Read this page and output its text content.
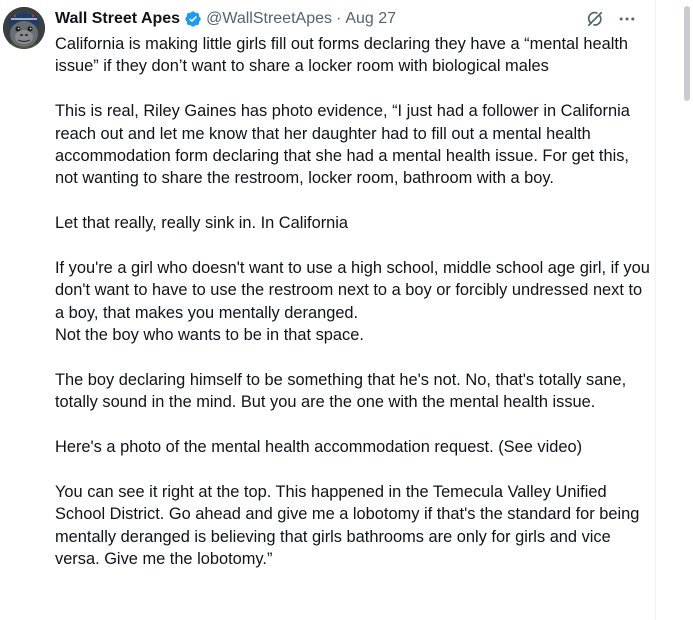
Wall Street Apes @WallStreetApes · Aug 27

California is making little girls fill out forms declaring they have a “mental health issue” if they don’t want to share a locker room with biological males

This is real, Riley Gaines has photo evidence, “I just had a follower in California reach out and let me know that her daughter had to fill out a mental health accommodation form declaring that she had a mental health issue. For get this, not wanting to share the restroom, locker room, bathroom with a boy.

Let that really, really sink in. In California

If you're a girl who doesn't want to use a high school, middle school age girl, if you don't want to have to use the restroom next to a boy or forcibly undressed next to a boy, that makes you mentally deranged.
Not the boy who wants to be in that space.

The boy declaring himself to be something that he's not. No, that's totally sane, totally sound in the mind. But you are the one with the mental health issue.

Here's a photo of the mental health accommodation request. (See video)

You can see it right at the top. This happened in the Temecula Valley Unified School District. Go ahead and give me a lobotomy if that's the standard for being mentally deranged is believing that girls bathrooms are only for girls and vice versa. Give me the lobotomy.”
